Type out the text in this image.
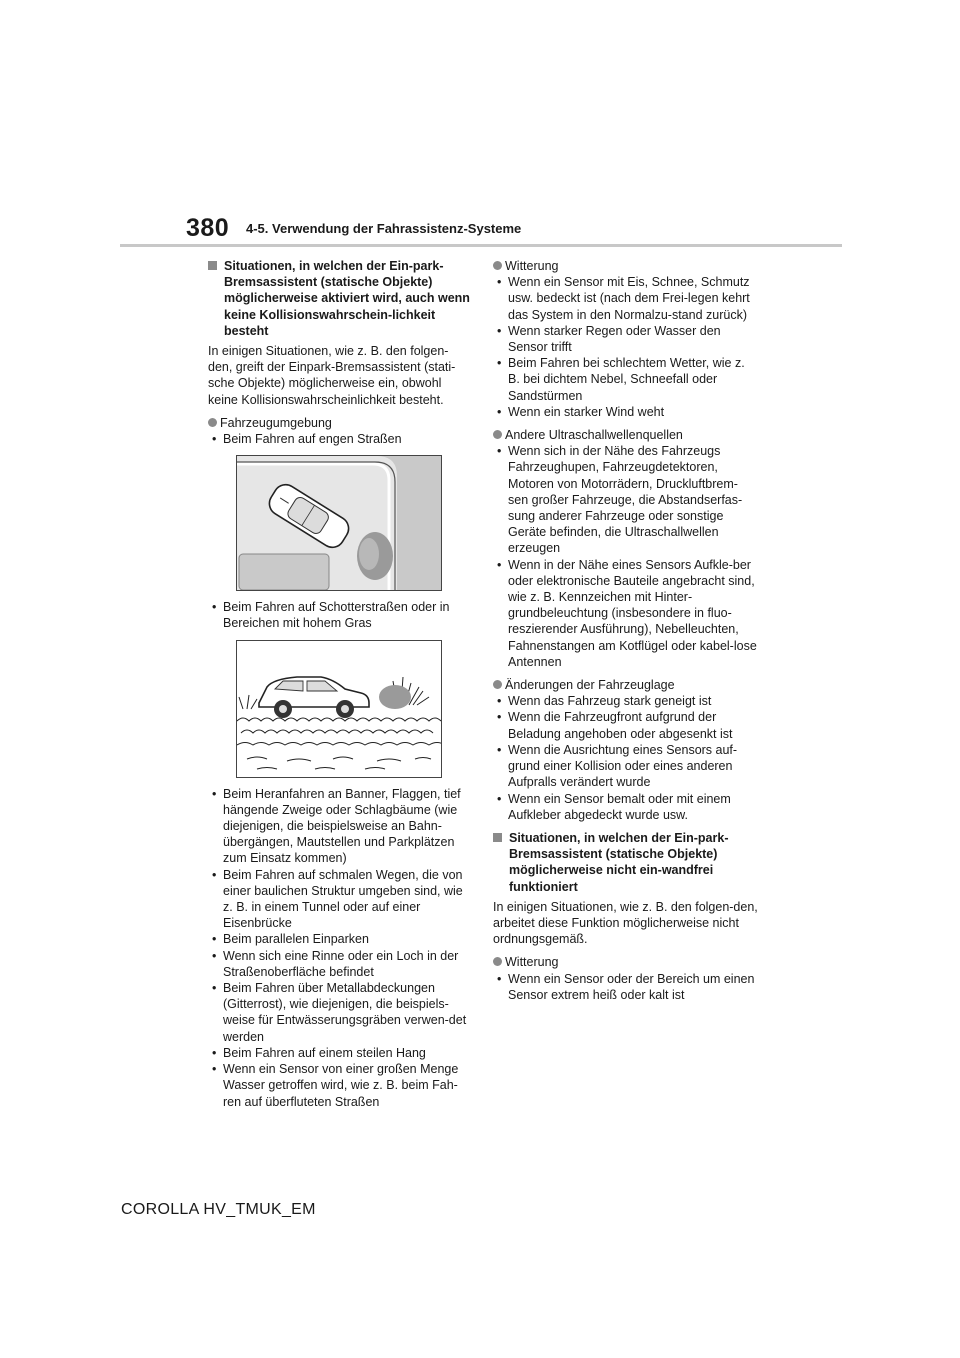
380 4-5. Verwendung der Fahrassistenz-Systeme

Situationen, in welchen der Ein-park-Bremsassistent (statische Objekte) möglicherweise aktiviert wird, auch wenn keine Kollisionswahrschein-lichkeit besteht

In einigen Situationen, wie z. B. den folgen-den, greift der Einpark-Bremsassistent (stati-sche Objekte) möglicherweise ein, obwohl keine Kollisionswahrscheinlichkeit besteht.

Fahrzeugumgebung

• Beim Fahren auf engen Straßen
• Beim Fahren auf Schotterstraßen oder in Bereichen mit hohem Gras
• Beim Heranfahren an Banner, Flaggen, tief hängende Zweige oder Schlagbäume (wie diejenigen, die beispielsweise an Bahn-übergängen, Mautstellen und Parkplätzen zum Einsatz kommen)
• Beim Fahren auf schmalen Wegen, die von einer baulichen Struktur umgeben sind, wie z. B. in einem Tunnel oder auf einer Eisenbrücke
• Beim parallelen Einparken
• Wenn sich eine Rinne oder ein Loch in der Straßenoberfläche befindet
• Beim Fahren über Metallabdeckungen (Gitterrost), wie diejenigen, die beispiels-weise für Entwässerungsgräben verwen-det werden
• Beim Fahren auf einem steilen Hang
• Wenn ein Sensor von einer großen Menge Wasser getroffen wird, wie z. B. beim Fah-ren auf überfluteten Straßen

Witterung

• Wenn ein Sensor mit Eis, Schnee, Schmutz usw. bedeckt ist (nach dem Frei-legen kehrt das System in den Normalzu-stand zurück)
• Wenn starker Regen oder Wasser den Sensor trifft
• Beim Fahren bei schlechtem Wetter, wie z. B. bei dichtem Nebel, Schneefall oder Sandstürmen
• Wenn ein starker Wind weht

Andere Ultraschallwellenquellen

• Wenn sich in der Nähe des Fahrzeugs Fahrzeughupen, Fahrzeugdetektoren, Motoren von Motorrädern, Druckluftbrem-sen großer Fahrzeuge, die Abstandserfas-sung anderer Fahrzeuge oder sonstige Geräte befinden, die Ultraschallwellen erzeugen
• Wenn in der Nähe eines Sensors Aufkle-ber oder elektronische Bauteile angebracht sind, wie z. B. Kennzeichen mit Hinter-grundbeleuchtung (insbesondere in fluo-reszierender Ausführung), Nebelleuchten, Fahnenstangen am Kotflügel oder kabel-lose Antennen

Änderungen der Fahrzeuglage

• Wenn das Fahrzeug stark geneigt ist
• Wenn die Fahrzeugfront aufgrund der Beladung angehoben oder abgesenkt ist
• Wenn die Ausrichtung eines Sensors auf-grund einer Kollision oder eines anderen Aufpralls verändert wurde
• Wenn ein Sensor bemalt oder mit einem Aufkleber abgedeckt wurde usw.

Situationen, in welchen der Ein-park-Bremsassistent (statische Objekte) möglicherweise nicht ein-wandfrei funktioniert

In einigen Situationen, wie z. B. den folgen-den, arbeitet diese Funktion möglicherweise nicht ordnungsgemäß.

Witterung

• Wenn ein Sensor oder der Bereich um einen Sensor extrem heiß oder kalt ist
COROLLA HV_TMUK_EM
